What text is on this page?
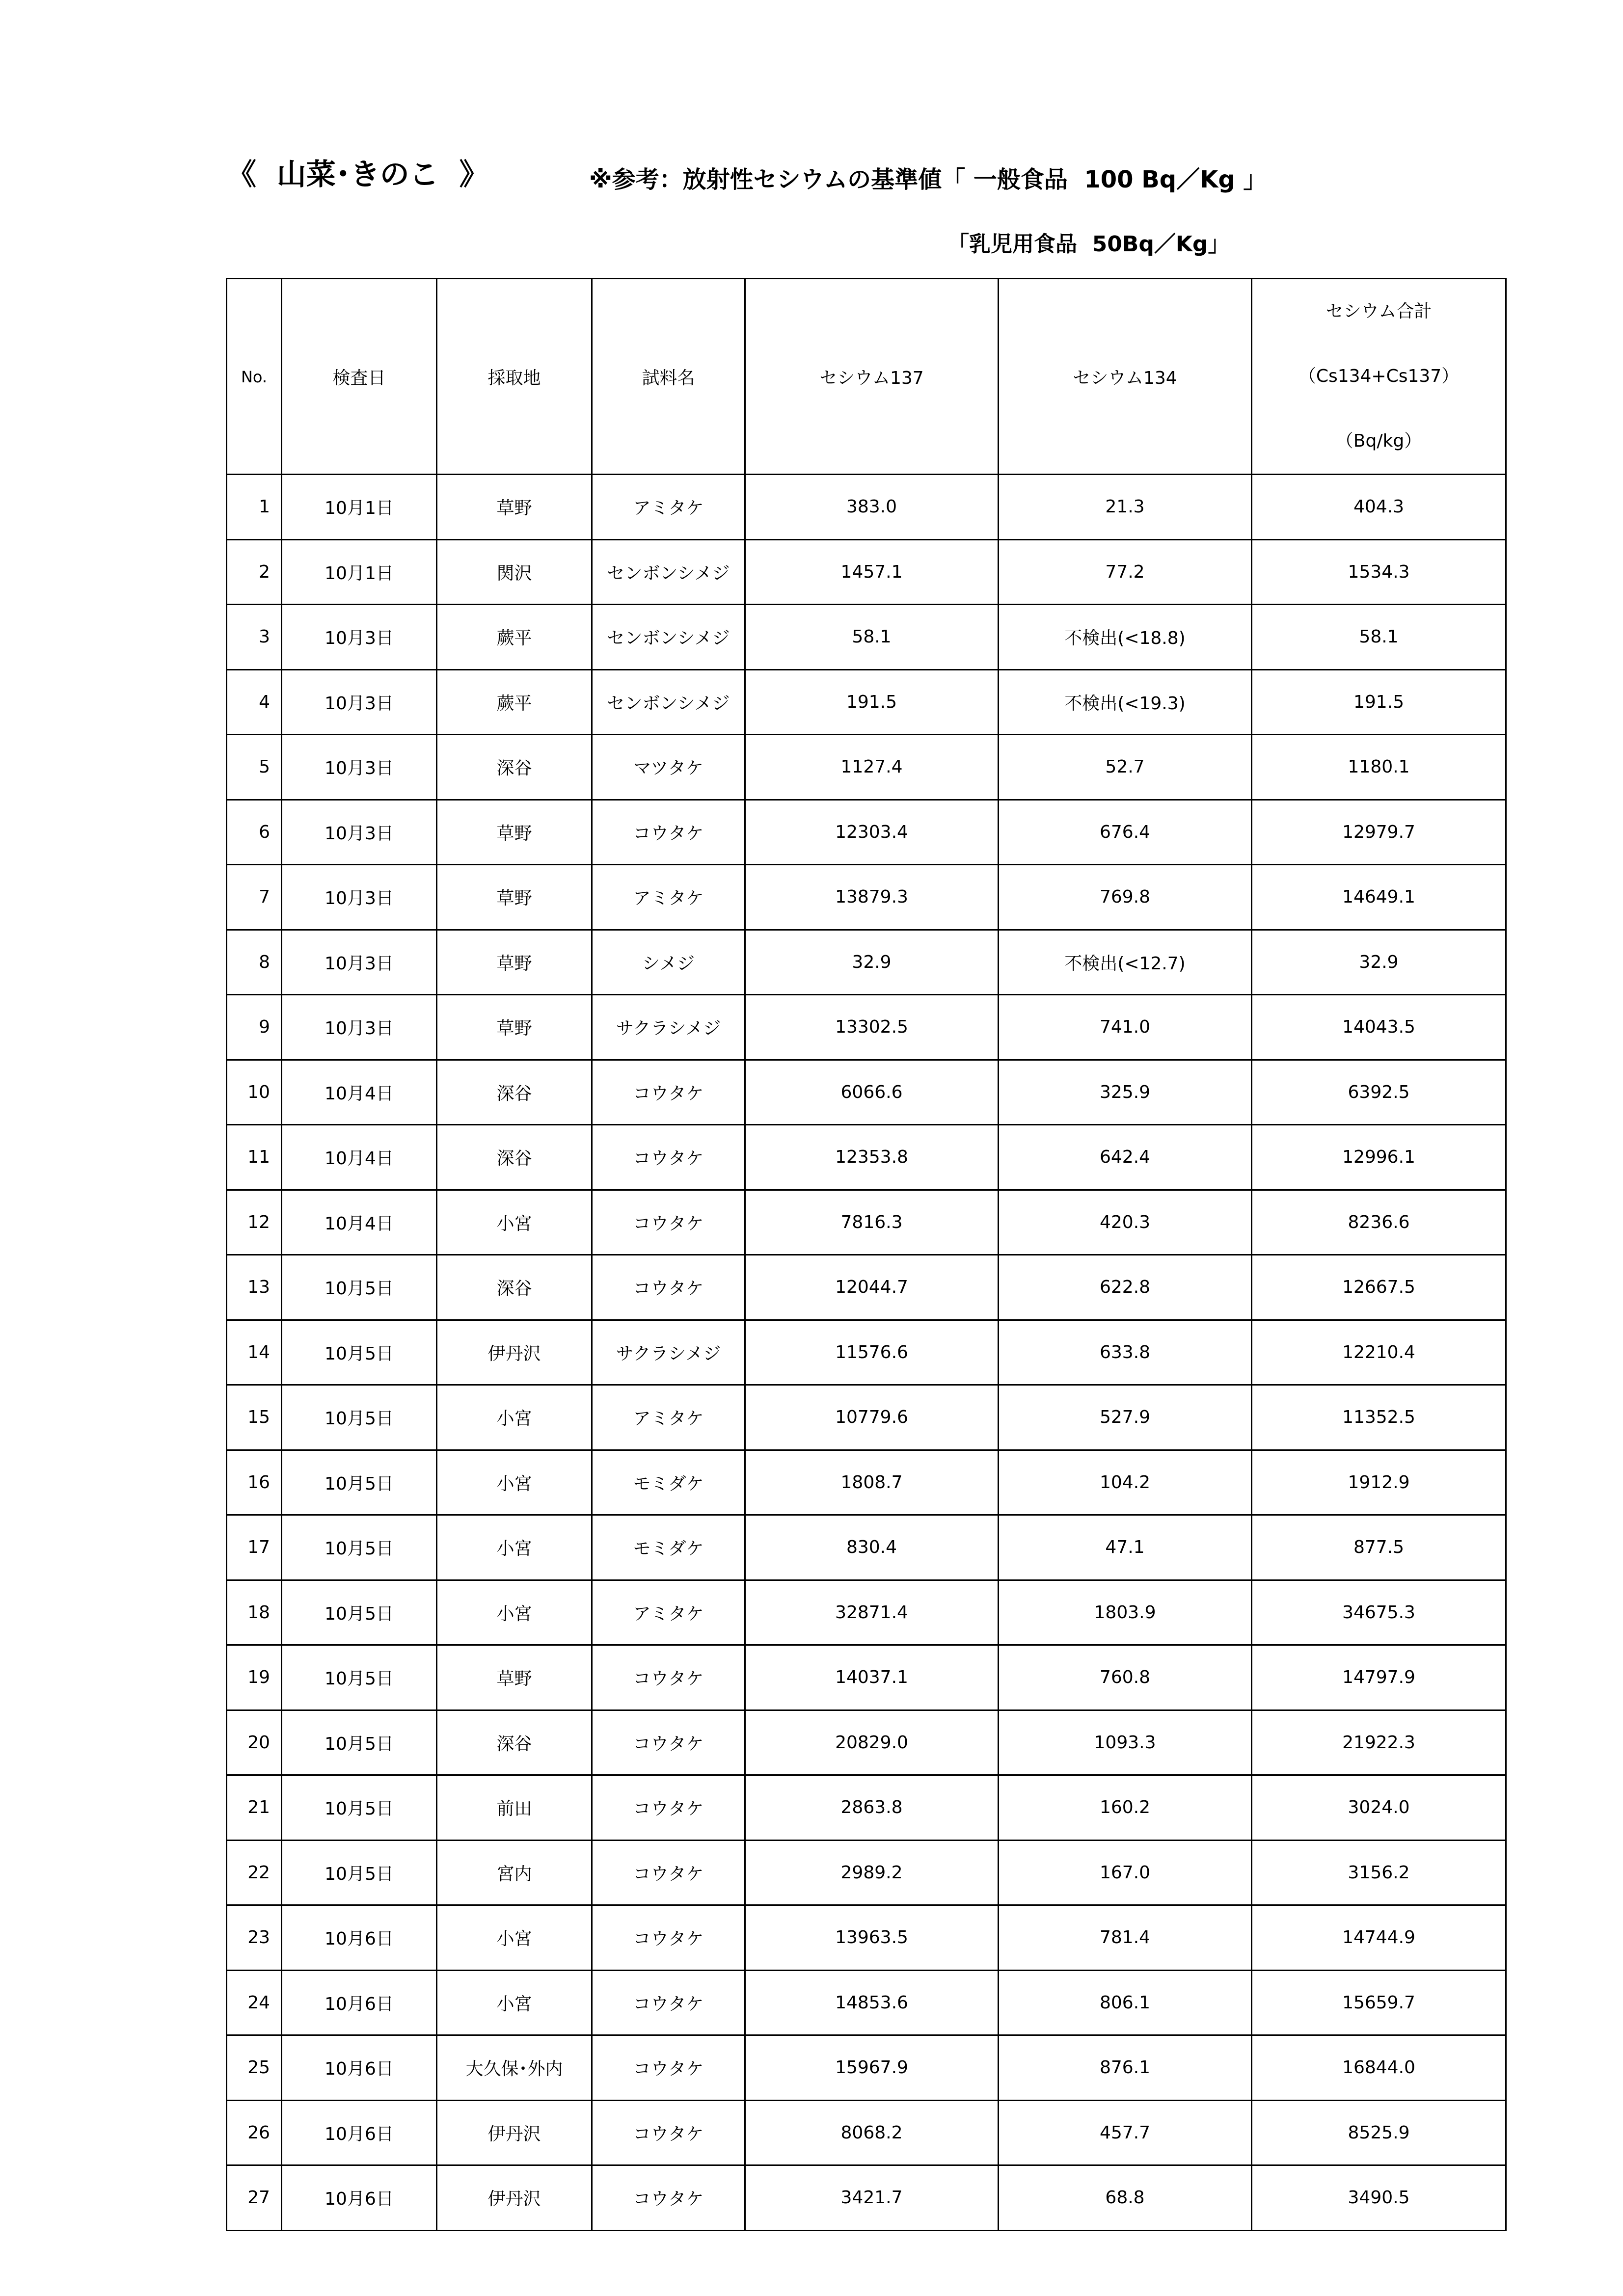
《  山菜･きのこ  》	※参考：放射性セシウムの基準値「 一般食品  100 Bq／Kg 」
「乳児用食品  50Bq／Kg」
No.	検査日	採取地	試料名	セシウム137	セシウム134	セシウム合計
（Cs134+Cs137）
（Bq/kg）

1	10月1日	草野	アミタケ	383.0	21.3	404.3
2	10月1日	関沢	センボンシメジ	1457.1	77.2	1534.3
3	10月3日	蕨平	センボンシメジ	58.1	不検出(<18.8)	58.1
4	10月3日	蕨平	センボンシメジ	191.5	不検出(<19.3)	191.5
5	10月3日	深谷	マツタケ	1127.4	52.7	1180.1
6	10月3日	草野	コウタケ	12303.4	676.4	12979.7
7	10月3日	草野	アミタケ	13879.3	769.8	14649.1
8	10月3日	草野	シメジ	32.9	不検出(<12.7)	32.9
9	10月3日	草野	サクラシメジ	13302.5	741.0	14043.5
10	10月4日	深谷	コウタケ	6066.6	325.9	6392.5
11	10月4日	深谷	コウタケ	12353.8	642.4	12996.1
12	10月4日	小宮	コウタケ	7816.3	420.3	8236.6
13	10月5日	深谷	コウタケ	12044.7	622.8	12667.5
14	10月5日	伊丹沢	サクラシメジ	11576.6	633.8	12210.4
15	10月5日	小宮	アミタケ	10779.6	527.9	11352.5
16	10月5日	小宮	モミダケ	1808.7	104.2	1912.9
17	10月5日	小宮	モミダケ	830.4	47.1	877.5
18	10月5日	小宮	アミタケ	32871.4	1803.9	34675.3
19	10月5日	草野	コウタケ	14037.1	760.8	14797.9
20	10月5日	深谷	コウタケ	20829.0	1093.3	21922.3
21	10月5日	前田	コウタケ	2863.8	160.2	3024.0
22	10月5日	宮内	コウタケ	2989.2	167.0	3156.2
23	10月6日	小宮	コウタケ	13963.5	781.4	14744.9
24	10月6日	小宮	コウタケ	14853.6	806.1	15659.7
25	10月6日	大久保･外内	コウタケ	15967.9	876.1	16844.0
26	10月6日	伊丹沢	コウタケ	8068.2	457.7	8525.9
27	10月6日	伊丹沢	コウタケ	3421.7	68.8	3490.5
